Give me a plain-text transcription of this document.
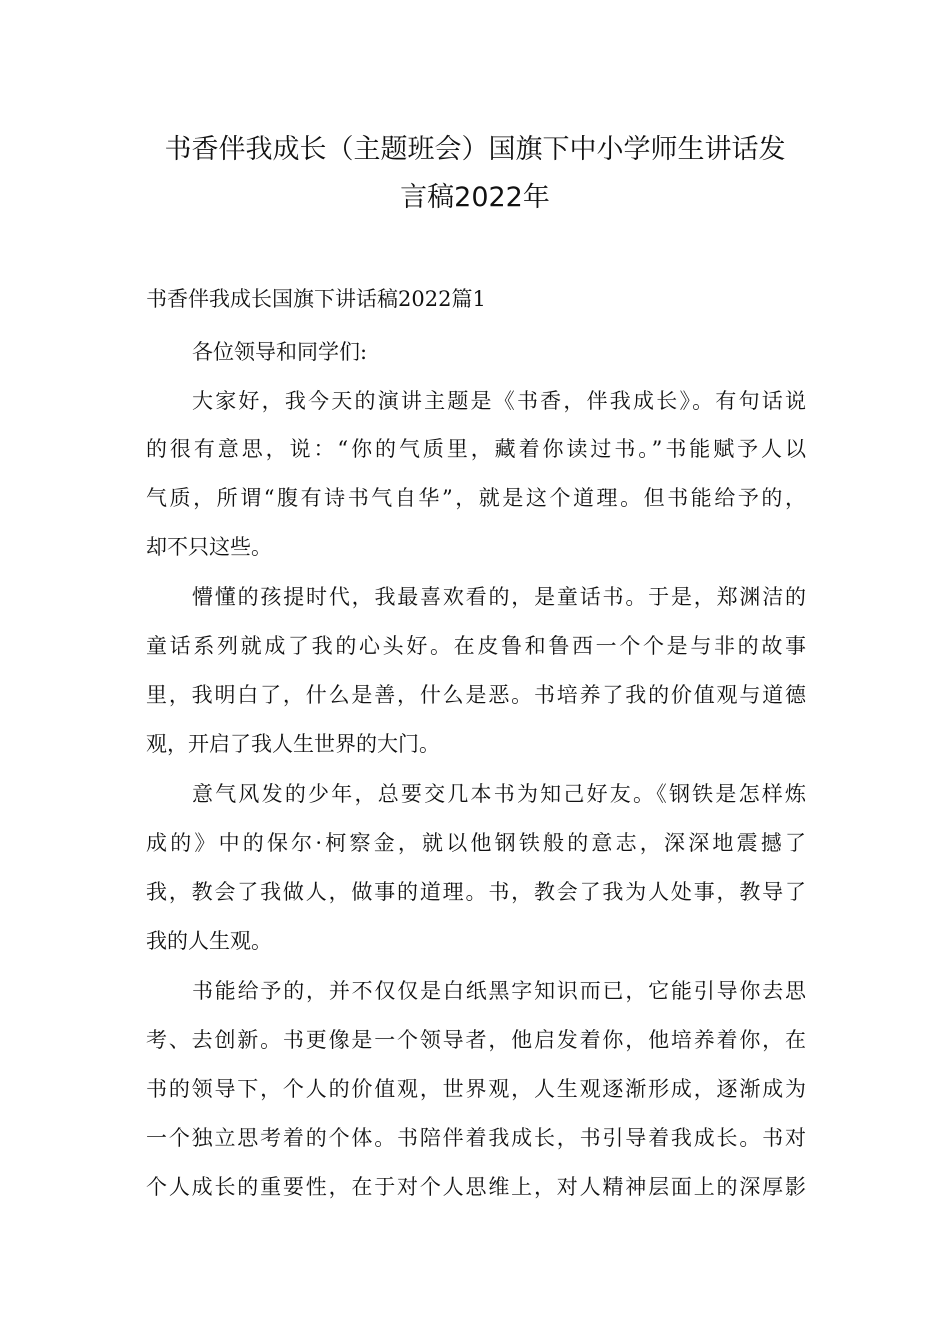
书香伴我成长（主题班会）国旗下中小学师生讲话发
言稿2022年
书香伴我成长国旗下讲话稿2022篇1
各位领导和同学们:
大家好，我今天的演讲主题是《书香，伴我成长》。有句话说
的很有意思，说：“你的气质里，藏着你读过书。”书能赋予人以
气质，所谓“腹有诗书气自华”，就是这个道理。但书能给予的，
却不只这些。
懵懂的孩提时代，我最喜欢看的，是童话书。于是，郑渊洁的
童话系列就成了我的心头好。在皮鲁和鲁西一个个是与非的故事
里，我明白了，什么是善，什么是恶。书培养了我的价值观与道德
观，开启了我人生世界的大门。
意气风发的少年，总要交几本书为知己好友。《钢铁是怎样炼
成的》中的保尔·柯察金，就以他钢铁般的意志，深深地震撼了
我，教会了我做人，做事的道理。书，教会了我为人处事，教导了
我的人生观。
书能给予的，并不仅仅是白纸黑字知识而已，它能引导你去思
考、去创新。书更像是一个领导者，他启发着你，他培养着你，在
书的领导下，个人的价值观，世界观，人生观逐渐形成，逐渐成为
一个独立思考着的个体。书陪伴着我成长，书引导着我成长。书对
个人成长的重要性，在于对个人思维上，对人精神层面上的深厚影
